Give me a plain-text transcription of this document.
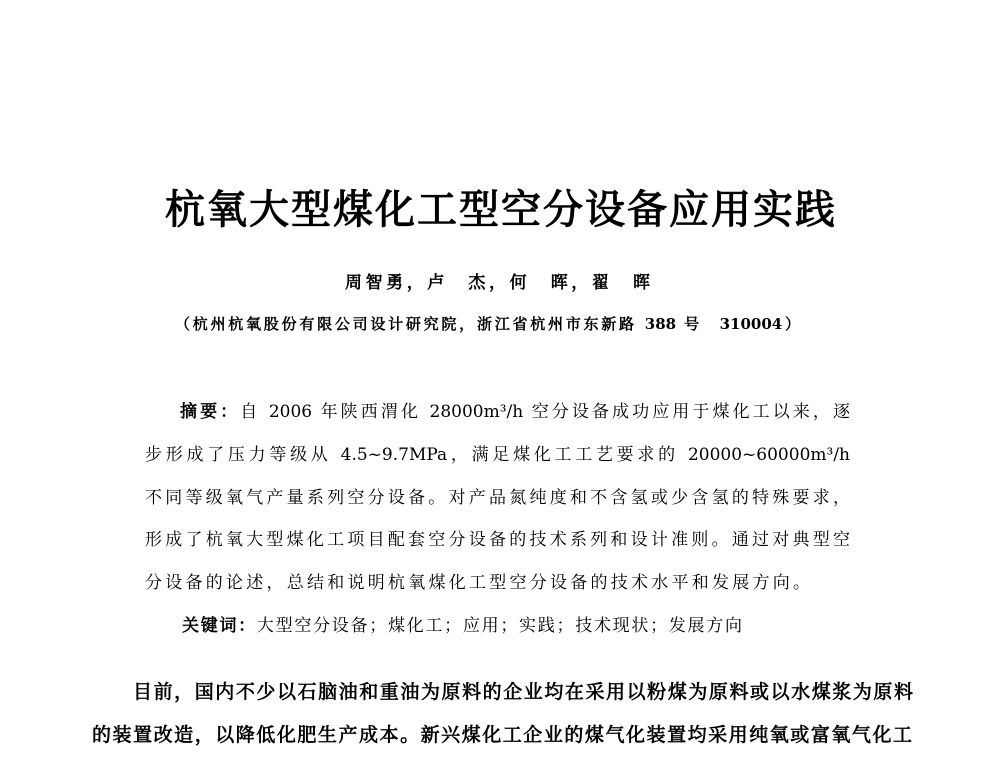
杭氧大型煤化工型空分设备应用实践
周智勇，卢　杰，何　晖，翟　晖
（杭州杭氧股份有限公司设计研究院，浙江省杭州市东新路 388 号　310004）
摘要：自 2006 年陕西渭化 28000m³/h 空分设备成功应用于煤化工以来，逐
步形成了压力等级从 4.5~9.7MPa，满足煤化工工艺要求的 20000~60000m³/h
不同等级氧气产量系列空分设备。对产品氮纯度和不含氢或少含氢的特殊要求，
形成了杭氧大型煤化工项目配套空分设备的技术系列和设计准则。通过对典型空
分设备的论述，总结和说明杭氧煤化工型空分设备的技术水平和发展方向。
关键词：大型空分设备；煤化工；应用；实践；技术现状；发展方向
目前，国内不少以石脑油和重油为原料的企业均在采用以粉煤为原料或以水煤浆为原料
的装置改造，以降低化肥生产成本。新兴煤化工企业的煤气化装置均采用纯氧或富氧气化工
